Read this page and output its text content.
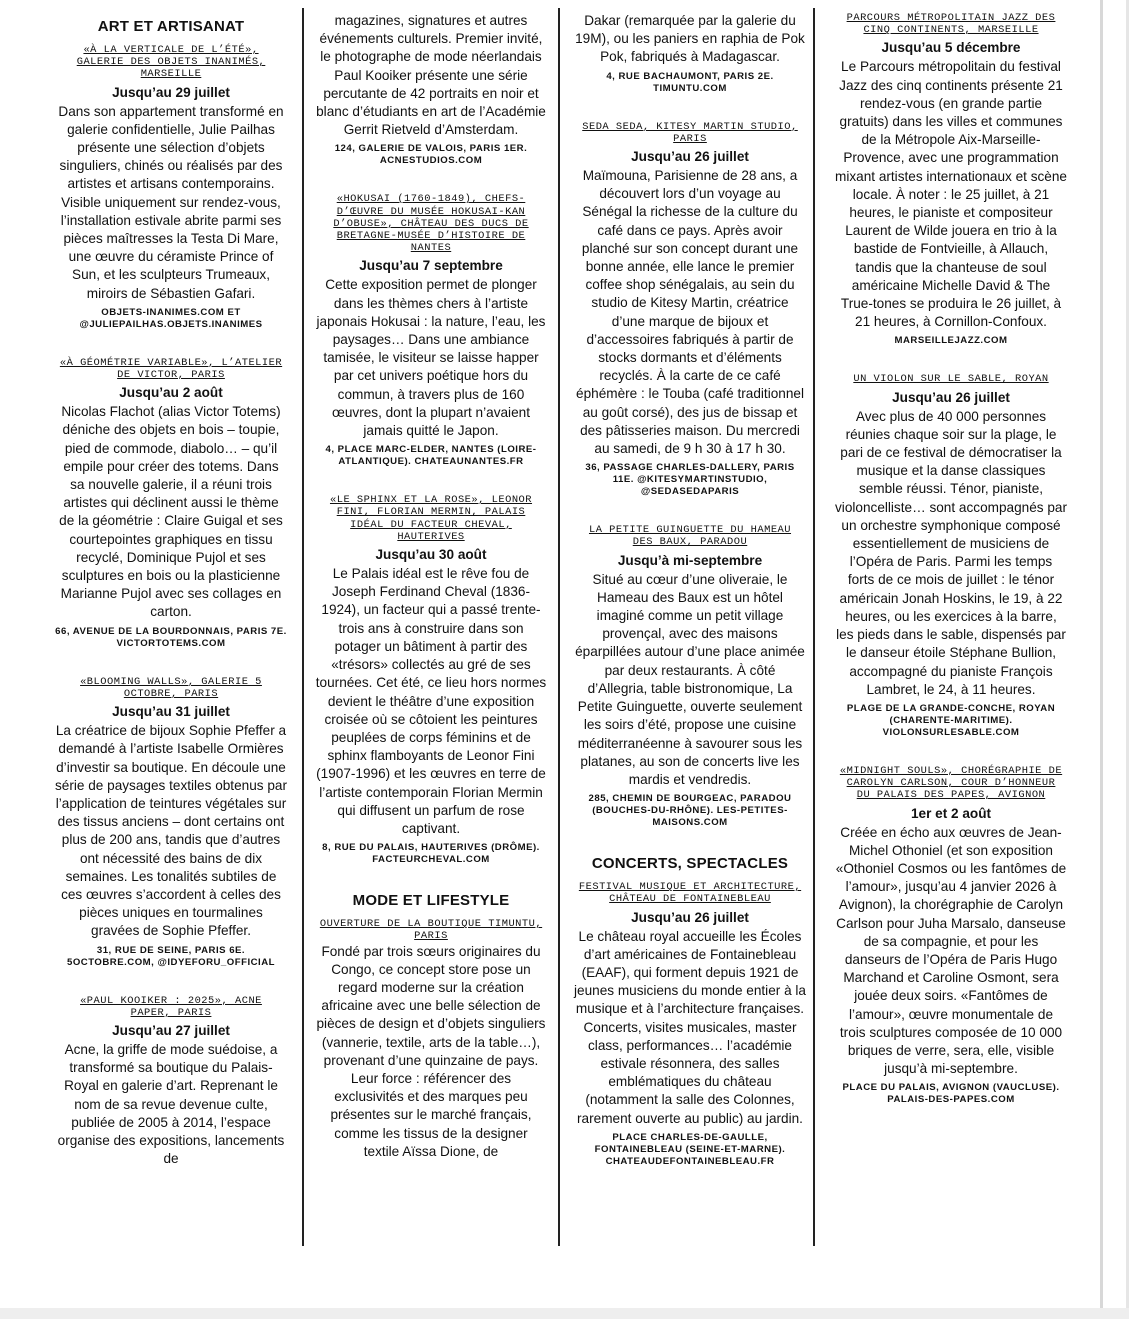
ART ET ARTISANAT
«À LA VERTICALE DE L’ÉTÉ», GALERIE DES OBJETS INANIMÉS, MARSEILLE
Jusqu’au 29 juillet
Dans son appartement transformé en galerie confidentielle, Julie Pailhas présente une sélection d’objets singuliers, chinés ou réalisés par des artistes et artisans contemporains. Visible uniquement sur rendez-vous, l’installation estivale abrite parmi ses pièces maîtresses la Testa Di Mare, une œuvre du céramiste Prince of Sun, et les sculpteurs Trumeaux, miroirs de Sébastien Gafari.
OBJETS-INANIMES.COM ET @JULIEPAILHAS.OBJETS.INANIMES
«À GÉOMÉTRIE VARIABLE», L’ATELIER DE VICTOR, PARIS
Jusqu’au 2 août
Nicolas Flachot (alias Victor Totems) déniche des objets en bois – toupie, pied de commode, diabolo… – qu’il empile pour créer des totems. Dans sa nouvelle galerie, il a réuni trois artistes qui déclinent aussi le thème de la géométrie : Claire Guigal et ses courtepointes graphiques en tissu recyclé, Dominique Pujol et ses sculptures en bois ou la plasticienne Marianne Pujol avec ses collages en carton.
66, AVENUE DE LA BOURDONNAIS, PARIS 7E. VICTORTOTEMS.COM
«BLOOMING WALLS», GALERIE 5 OCTOBRE, PARIS
Jusqu’au 31 juillet
La créatrice de bijoux Sophie Pfeffer a demandé à l’artiste Isabelle Ormières d’investir sa boutique. En découle une série de paysages textiles obtenus par l’application de teintures végétales sur des tissus anciens – dont certains ont plus de 200 ans, tandis que d’autres ont nécessité des bains de dix semaines. Les tonalités subtiles de ces œuvres s’accordent à celles des pièces uniques en tourmalines gravées de Sophie Pfeffer.
31, RUE DE SEINE, PARIS 6E. 5OCTOBRE.COM, @IDYEFORU_OFFICIAL
«PAUL KOOIKER : 2025», ACNE PAPER, PARIS
Jusqu’au 27 juillet
Acne, la griffe de mode suédoise, a transformé sa boutique du Palais-Royal en galerie d’art. Reprenant le nom de sa revue devenue culte, publiée de 2005 à 2014, l’espace organise des expositions, lancements de
magazines, signatures et autres événements culturels. Premier invité, le photographe de mode néerlandais Paul Kooiker présente une série percutante de 42 portraits en noir et blanc d’étudiants en art de l’Académie Gerrit Rietveld d’Amsterdam.
124, GALERIE DE VALOIS, PARIS 1ER. ACNESTUDIOS.COM
«HOKUSAI (1760-1849), CHEFS-D’ŒUVRE DU MUSÉE HOKUSAI-KAN D’OBUSE», CHÂTEAU DES DUCS DE BRETAGNE-MUSÉE D’HISTOIRE DE NANTES
Jusqu’au 7 septembre
Cette exposition permet de plonger dans les thèmes chers à l’artiste japonais Hokusai : la nature, l’eau, les paysages… Dans une ambiance tamisée, le visiteur se laisse happer par cet univers poétique hors du commun, à travers plus de 160 œuvres, dont la plupart n’avaient jamais quitté le Japon.
4, PLACE MARC-ELDER, NANTES (LOIRE-ATLANTIQUE). CHATEAUNANTES.FR
«LE SPHINX ET LA ROSE», LEONOR FINI, FLORIAN MERMIN, PALAIS IDÉAL DU FACTEUR CHEVAL, HAUTERIVES
Jusqu’au 30 août
Le Palais idéal est le rêve fou de Joseph Ferdinand Cheval (1836-1924), un facteur qui a passé trente-trois ans à construire dans son potager un bâtiment à partir des «trésors» collectés au gré de ses tournées. Cet été, ce lieu hors normes devient le théâtre d’une exposition croisée où se côtoient les peintures peuplées de corps féminins et de sphinx flamboyants de Leonor Fini (1907-1996) et les œuvres en terre de l’artiste contemporain Florian Mermin qui diffusent un parfum de rose captivant.
8, RUE DU PALAIS, HAUTERIVES (DRÔME). FACTEURCHEVAL.COM
MODE ET LIFESTYLE
OUVERTURE DE LA BOUTIQUE TIMUNTU, PARIS
Fondé par trois sœurs originaires du Congo, ce concept store pose un regard moderne sur la création africaine avec une belle sélection de pièces de design et d’objets singuliers (vannerie, textile, arts de la table…), provenant d’une quinzaine de pays. Leur force : référencer des exclusivités et des marques peu présentes sur le marché français, comme les tissus de la designer textile Aïssa Dione, de
Dakar (remarquée par la galerie du 19M), ou les paniers en raphia de Pok Pok, fabriqués à Madagascar.
4, RUE BACHAUMONT, PARIS 2E. TIMUNTU.COM
SEDA SEDA, KITESY MARTIN STUDIO, PARIS
Jusqu’au 26 juillet
Maïmouna, Parisienne de 28 ans, a découvert lors d’un voyage au Sénégal la richesse de la culture du café dans ce pays. Après avoir planché sur son concept durant une bonne année, elle lance le premier coffee shop sénégalais, au sein du studio de Kitesy Martin, créatrice d’une marque de bijoux et d’accessoires fabriqués à partir de stocks dormants et d’éléments recyclés. À la carte de ce café éphémère : le Touba (café traditionnel au goût corsé), des jus de bissap et des pâtisseries maison. Du mercredi au samedi, de 9 h 30 à 17 h 30.
36, PASSAGE CHARLES-DALLERY, PARIS 11E. @KITESYMARTINSTUDIO, @SEDASEDAPARIS
LA PETITE GUINGUETTE DU HAMEAU DES BAUX, PARADOU
Jusqu’à mi-septembre
Situé au cœur d’une oliveraie, le Hameau des Baux est un hôtel imaginé comme un petit village provençal, avec des maisons éparpillées autour d’une place animée par deux restaurants. À côté d’Allegria, table bistronomique, La Petite Guinguette, ouverte seulement les soirs d’été, propose une cuisine méditerranéenne à savourer sous les platanes, au son de concerts live les mardis et vendredis.
285, CHEMIN DE BOURGEAC, PARADOU (BOUCHES-DU-RHÔNE). LES-PETITES-MAISONS.COM
CONCERTS, SPECTACLES
FESTIVAL MUSIQUE ET ARCHITECTURE, CHÂTEAU DE FONTAINEBLEAU
Jusqu’au 26 juillet
Le château royal accueille les Écoles d’art américaines de Fontainebleau (EAAF), qui forment depuis 1921 de jeunes musiciens du monde entier à la musique et à l’architecture françaises. Concerts, visites musicales, master class, performances… l’académie estivale résonnera, des salles emblématiques du château (notamment la salle des Colonnes, rarement ouverte au public) au jardin.
PLACE CHARLES-DE-GAULLE, FONTAINEBLEAU (SEINE-ET-MARNE). CHATEAUDEFONTAINEBLEAU.FR
PARCOURS MÉTROPOLITAIN JAZZ DES CINQ CONTINENTS, MARSEILLE
Jusqu’au 5 décembre
Le Parcours métropolitain du festival Jazz des cinq continents présente 21 rendez-vous (en grande partie gratuits) dans les villes et communes de la Métropole Aix-Marseille-Provence, avec une programmation mixant artistes internationaux et scène locale. À noter : le 25 juillet, à 21 heures, le pianiste et compositeur Laurent de Wilde jouera en trio à la bastide de Fontvieille, à Allauch, tandis que la chanteuse de soul américaine Michelle David & The True-tones se produira le 26 juillet, à 21 heures, à Cornillon-Confoux.
MARSEILLEJAZZ.COM
UN VIOLON SUR LE SABLE, ROYAN
Jusqu’au 26 juillet
Avec plus de 40 000 personnes réunies chaque soir sur la plage, le pari de ce festival de démocratiser la musique et la danse classiques semble réussi. Ténor, pianiste, violoncelliste… sont accompagnés par un orchestre symphonique composé essentiellement de musiciens de l’Opéra de Paris. Parmi les temps forts de ce mois de juillet : le ténor américain Jonah Hoskins, le 19, à 22 heures, ou les exercices à la barre, les pieds dans le sable, dispensés par le danseur étoile Stéphane Bullion, accompagné du pianiste François Lambret, le 24, à 11 heures.
PLAGE DE LA GRANDE-CONCHE, ROYAN (CHARENTE-MARITIME). VIOLONSURLESABLE.COM
«MIDNIGHT SOULS», CHORÉGRAPHIE DE CAROLYN CARLSON, COUR D’HONNEUR DU PALAIS DES PAPES, AVIGNON
1er et 2 août
Créée en écho aux œuvres de Jean-Michel Othoniel (et son exposition «Othoniel Cosmos ou les fantômes de l’amour», jusqu’au 4 janvier 2026 à Avignon), la chorégraphie de Carolyn Carlson pour Juha Marsalo, danseuse de sa compagnie, et pour les danseurs de l’Opéra de Paris Hugo Marchand et Caroline Osmont, sera jouée deux soirs. «Fantômes de l’amour», œuvre monumentale de trois sculptures composée de 10 000 briques de verre, sera, elle, visible jusqu’à mi-septembre.
PLACE DU PALAIS, AVIGNON (VAUCLUSE). PALAIS-DES-PAPES.COM
